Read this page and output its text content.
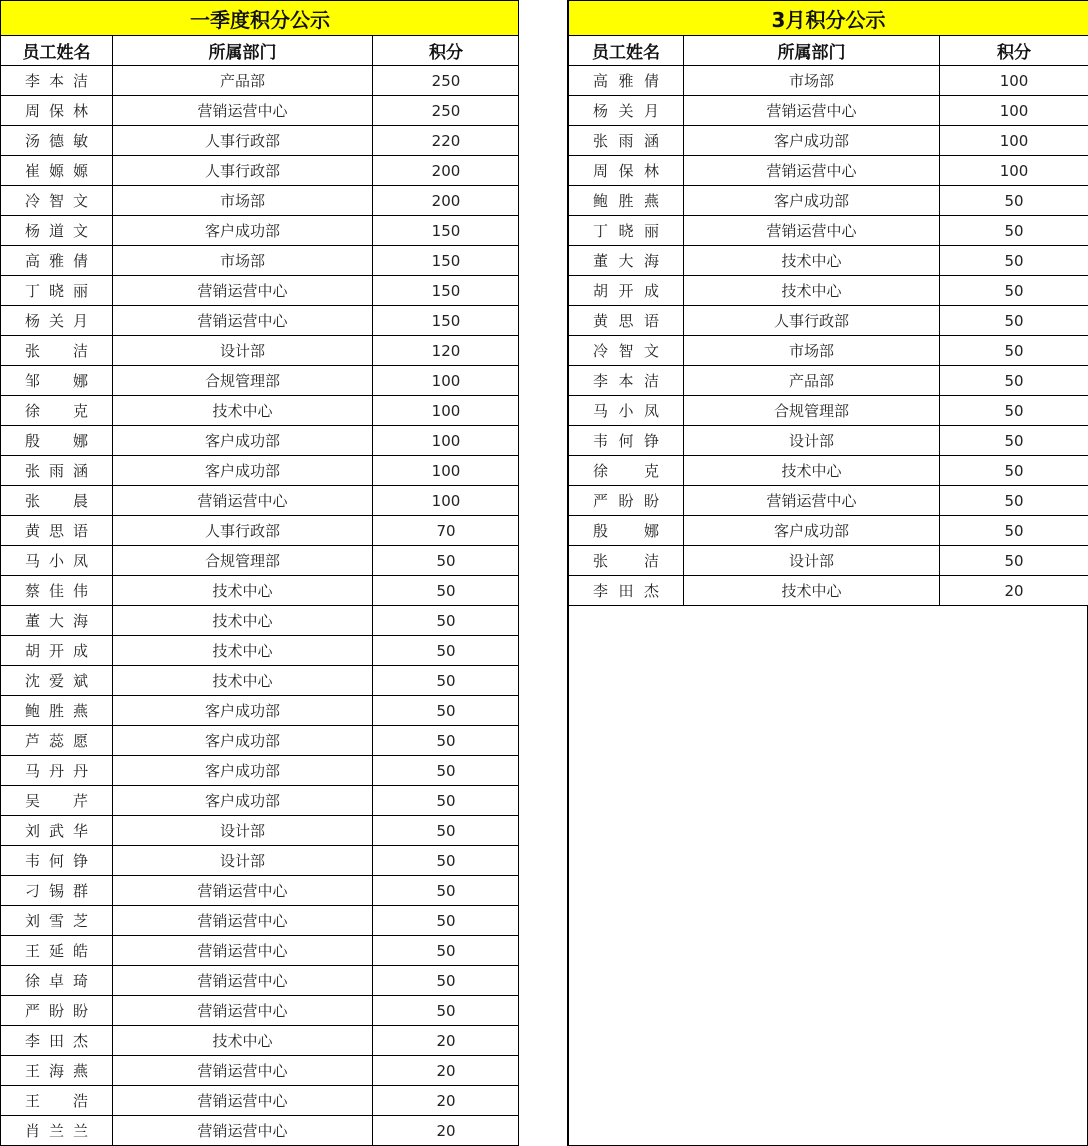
一季度积分公示		
员工姓名	所属部门	积分
李本洁	产品部	250
周保林	营销运营中心	250
汤德敏	人事行政部	220
崔嫄嫄	人事行政部	200
冷智文	市场部	200
杨道文	客户成功部	150
高雅倩	市场部	150
丁晓丽	营销运营中心	150
杨关月	营销运营中心	150
张洁	设计部	120
邹娜	合规管理部	100
徐克	技术中心	100
殷娜	客户成功部	100
张雨涵	客户成功部	100
张晨	营销运营中心	100
黄思语	人事行政部	70
马小凤	合规管理部	50
蔡佳伟	技术中心	50
董大海	技术中心	50
胡开成	技术中心	50
沈爱斌	技术中心	50
鲍胜燕	客户成功部	50
芦蕊愿	客户成功部	50
马丹丹	客户成功部	50
吴芹	客户成功部	50
刘武华	设计部	50
韦何铮	设计部	50
刁锡群	营销运营中心	50
刘雪芝	营销运营中心	50
王延皓	营销运营中心	50
徐卓琦	营销运营中心	50
严盼盼	营销运营中心	50
李田杰	技术中心	20
王海燕	营销运营中心	20
王浩	营销运营中心	20
肖兰兰	营销运营中心	20
3月积分公示		
员工姓名	所属部门	积分
高雅倩	市场部	100
杨关月	营销运营中心	100
张雨涵	客户成功部	100
周保林	营销运营中心	100
鲍胜燕	客户成功部	50
丁晓丽	营销运营中心	50
董大海	技术中心	50
胡开成	技术中心	50
黄思语	人事行政部	50
冷智文	市场部	50
李本洁	产品部	50
马小凤	合规管理部	50
韦何铮	设计部	50
徐克	技术中心	50
严盼盼	营销运营中心	50
殷娜	客户成功部	50
张洁	设计部	50
李田杰	技术中心	20
